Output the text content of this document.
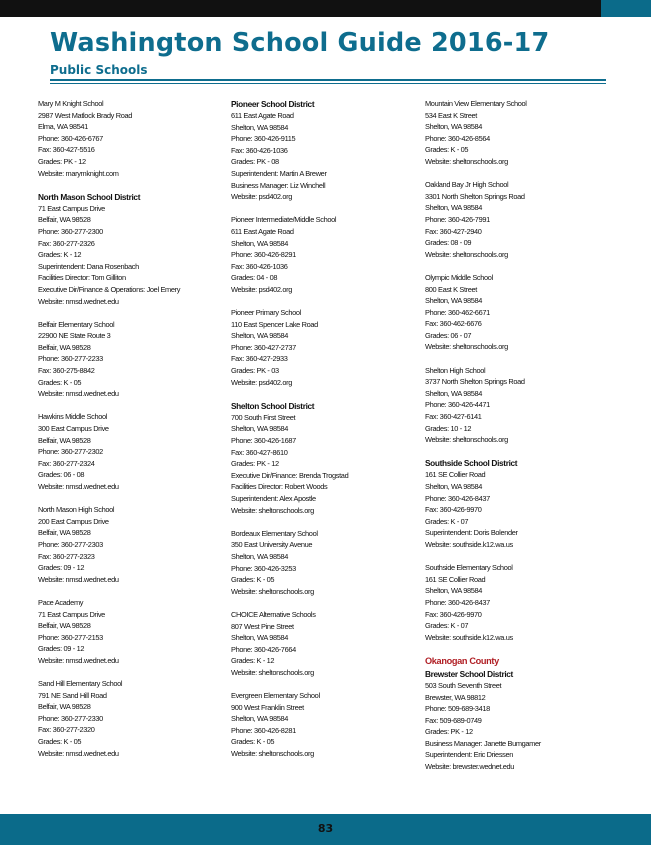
Washington School Guide 2016-17
Public Schools
Mary M Knight School
2987 West Matlock Brady Road
Elma, WA 98541
Phone: 360-426-6767
Fax: 360-427-5516
Grades: PK - 12
Website: marymknight.com
North Mason School District
71 East Campus Drive
Belfair, WA 98528
Phone: 360-277-2300
Fax: 360-277-2326
Grades: K - 12
Superintendent: Dana Rosenbach
Facilities Director: Tom Gilliton
Executive Dir/Finance & Operations: Joel Emery
Website: nmsd.wednet.edu
Belfair Elementary School
22900 NE State Route 3
Belfair, WA 98528
Phone: 360-277-2233
Fax: 360-275-8842
Grades: K - 05
Website: nmsd.wednet.edu
Hawkins Middle School
300 East Campus Drive
Belfair, WA 98528
Phone: 360-277-2302
Fax: 360-277-2324
Grades: 06 - 08
Website: nmsd.wednet.edu
North Mason High School
200 East Campus Drive
Belfair, WA 98528
Phone: 360-277-2303
Fax: 360-277-2323
Grades: 09 - 12
Website: nmsd.wednet.edu
Pace Academy
71 East Campus Drive
Belfair, WA 98528
Phone: 360-277-2153
Grades: 09 - 12
Website: nmsd.wednet.edu
Sand Hill Elementary School
791 NE Sand Hill Road
Belfair, WA 98528
Phone: 360-277-2330
Fax: 360-277-2320
Grades: K - 05
Website: nmsd.wednet.edu
Pioneer School District
611 East Agate Road
Shelton, WA 98584
Phone: 360-426-9115
Fax: 360-426-1036
Grades: PK - 08
Superintendent: Martin A Brewer
Business Manager: Liz Winchell
Website: psd402.org
Pioneer Intermediate/Middle School
611 East Agate Road
Shelton, WA 98584
Phone: 360-426-8291
Fax: 360-426-1036
Grades: 04 - 08
Website: psd402.org
Pioneer Primary School
110 East Spencer Lake Road
Shelton, WA 98584
Phone: 360-427-2737
Fax: 360-427-2933
Grades: PK - 03
Website: psd402.org
Shelton School District
700 South First Street
Shelton, WA 98584
Phone: 360-426-1687
Fax: 360-427-8610
Grades: PK - 12
Executive Dir/Finance: Brenda Trogstad
Facilities Director: Robert Woods
Superintendent: Alex Apostle
Website: sheltonschools.org
Bordeaux Elementary School
350 East University Avenue
Shelton, WA 98584
Phone: 360-426-3253
Grades: K - 05
Website: sheltonschools.org
CHOICE Alternative Schools
807 West Pine Street
Shelton, WA 98584
Phone: 360-426-7664
Grades: K - 12
Website: sheltonschools.org
Evergreen Elementary School
900 West Franklin Street
Shelton, WA 98584
Phone: 360-426-8281
Grades: K - 05
Website: sheltonschools.org
Mountain View Elementary School
534 East K Street
Shelton, WA 98584
Phone: 360-426-8564
Grades: K - 05
Website: sheltonschools.org
Oakland Bay Jr High School
3301 North Shelton Springs Road
Shelton, WA 98584
Phone: 360-426-7991
Fax: 360-427-2940
Grades: 08 - 09
Website: sheltonschools.org
Olympic Middle School
800 East K Street
Shelton, WA 98584
Phone: 360-462-6671
Fax: 360-462-6676
Grades: 06 - 07
Website: sheltonschools.org
Shelton High School
3737 North Shelton Springs Road
Shelton, WA 98584
Phone: 360-426-4471
Fax: 360-427-6141
Grades: 10 - 12
Website: sheltonschools.org
Southside School District
161 SE Collier Road
Shelton, WA 98584
Phone: 360-426-8437
Fax: 360-426-9970
Grades: K - 07
Superintendent: Doris Bolender
Website: southside.k12.wa.us
Southside Elementary School
161 SE Collier Road
Shelton, WA 98584
Phone: 360-426-8437
Fax: 360-426-9970
Grades: K - 07
Website: southside.k12.wa.us
Okanogan County
Brewster School District
503 South Seventh Street
Brewster, WA 98812
Phone: 509-689-3418
Fax: 509-689-0749
Grades: PK - 12
Business Manager: Janette Bumgamer
Superintendent: Eric Driessen
Website: brewster.wednet.edu
83
